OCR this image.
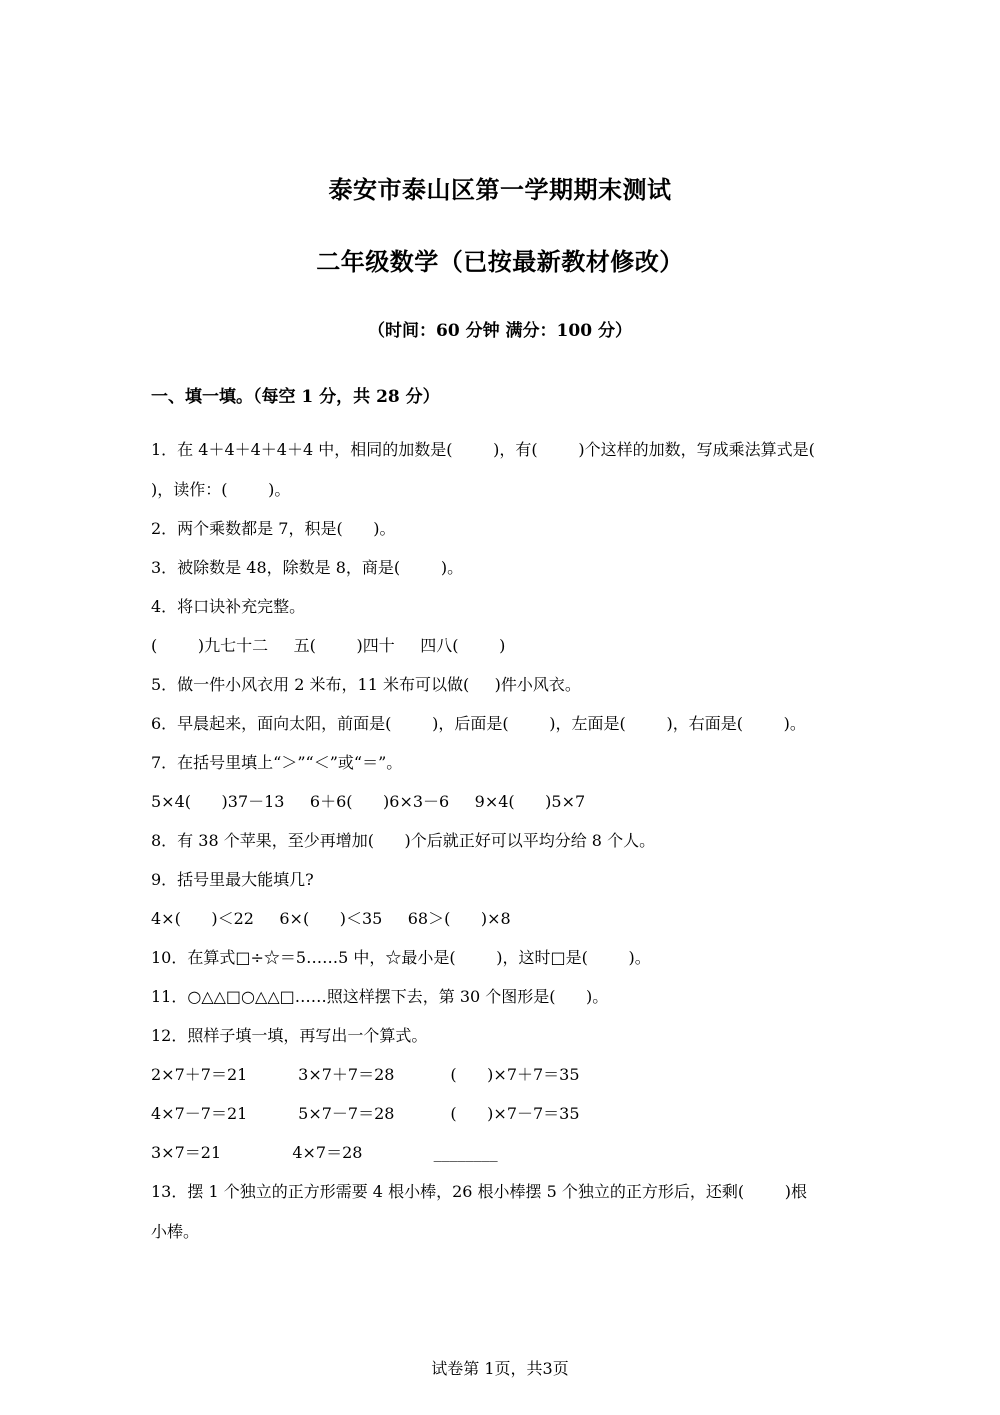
泰安市泰山区第一学期期末测试
二年级数学（已按最新教材修改）
（时间：60 分钟 满分：100 分）
一、填一填。（每空 1 分，共 28 分）
1．在 4＋4＋4＋4＋4 中，相同的加数是(        )，有(        )个这样的加数，写成乘法算式是(
)，读作：(        )。
2．两个乘数都是 7，积是(      )。
3．被除数是 48，除数是 8，商是(        )。
4．将口诀补充完整。
(        )九七十二     五(        )四十     四八(        )
5．做一件小风衣用 2 米布，11 米布可以做(     )件小风衣。
6．早晨起来，面向太阳，前面是(        )，后面是(        )，左面是(        )，右面是(        )。
7．在括号里填上“＞”“＜”或“＝”。
5×4(      )37－13     6＋6(      )6×3－6     9×4(      )5×7
8．有 38 个苹果，至少再增加(      )个后就正好可以平均分给 8 个人。
9．括号里最大能填几?
4×(      )＜22     6×(      )＜35     68＞(      )×8
10．在算式□÷☆＝5……5 中，☆最小是(        )，这时□是(        )。
11．○△△□○△△□……照这样摆下去，第 30 个图形是(      )。
12．照样子填一填，再写出一个算式。
2×7＋7＝21          3×7＋7＝28           (      )×7＋7＝35
4×7－7＝21          5×7－7＝28           (      )×7－7＝35
3×7＝21              4×7＝28              ________
13．摆 1 个独立的正方形需要 4 根小棒，26 根小棒摆 5 个独立的正方形后，还剩(        )根
小棒。
试卷第 1页，共3页
